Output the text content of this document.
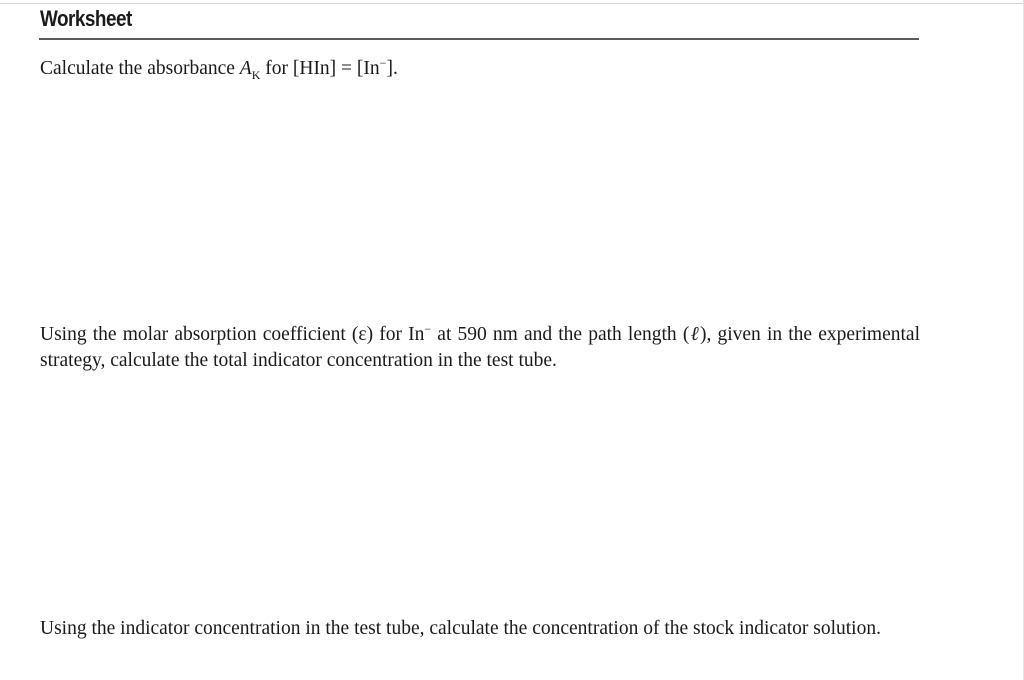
Worksheet

Calculate the absorbance $A_K$ for [HIn] = [In−].

Using the molar absorption coefficient (ε) for In− at 590 nm and the path length (ℓ), given in the experimental strategy, calculate the total indicator concentration in the test tube.

Using the indicator concentration in the test tube, calculate the concentration of the stock indicator solution.
